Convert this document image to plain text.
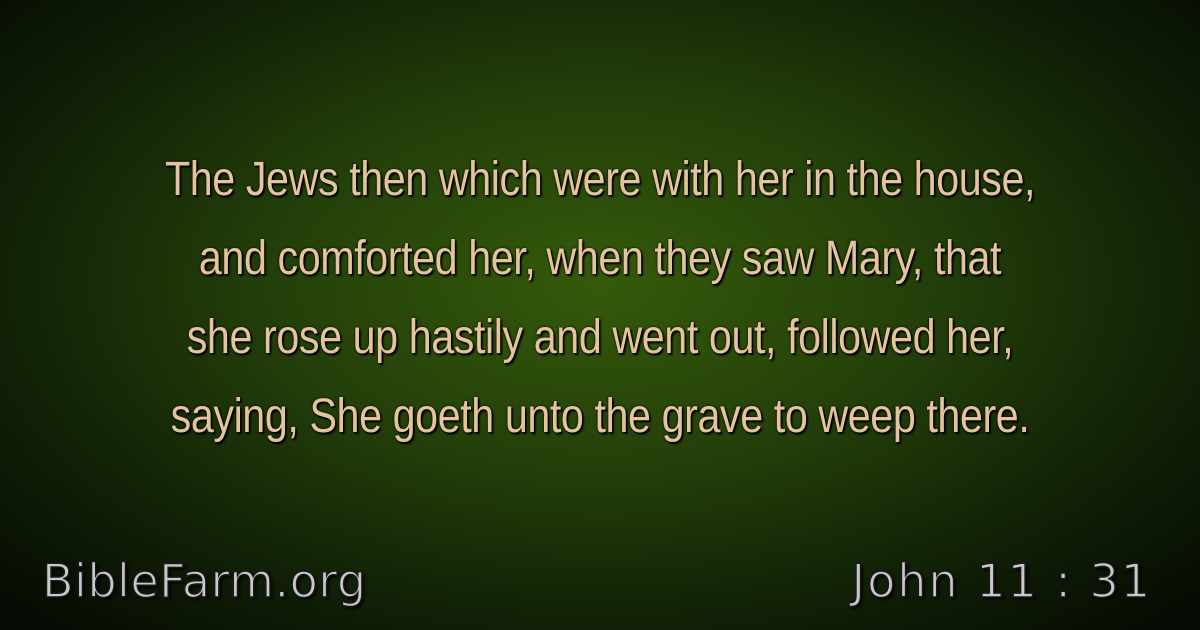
The Jews then which were with her in the house,
and comforted her, when they saw Mary, that
she rose up hastily and went out, followed her,
saying, She goeth unto the grave to weep there.

BibleFarm.org	John 11 : 31
